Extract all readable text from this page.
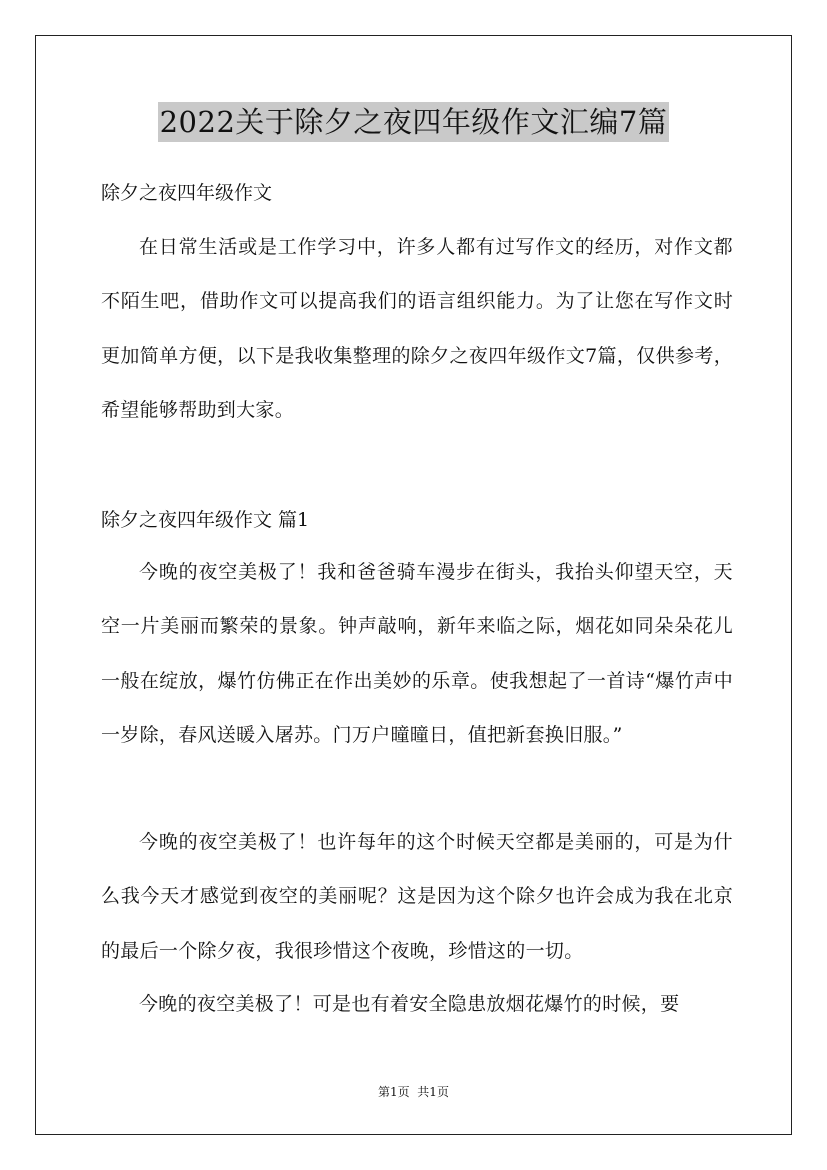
2022关于除夕之夜四年级作文汇编7篇
除夕之夜四年级作文
在日常生活或是工作学习中，许多人都有过写作文的经历，对作文都不陌生吧，借助作文可以提高我们的语言组织能力。为了让您在写作文时更加简单方便，以下是我收集整理的除夕之夜四年级作文7篇，仅供参考，希望能够帮助到大家。
除夕之夜四年级作文 篇1
今晚的夜空美极了！我和爸爸骑车漫步在街头，我抬头仰望天空，天空一片美丽而繁荣的景象。钟声敲响，新年来临之际，烟花如同朵朵花儿一般在绽放，爆竹仿佛正在作出美妙的乐章。使我想起了一首诗“爆竹声中一岁除，春风送暖入屠苏。门万户曈曈日，值把新套换旧服。”
今晚的夜空美极了！也许每年的这个时候天空都是美丽的，可是为什么我今天才感觉到夜空的美丽呢？这是因为这个除夕也许会成为我在北京的最后一个除夕夜，我很珍惜这个夜晚，珍惜这的一切。
今晚的夜空美极了！可是也有着安全隐患放烟花爆竹的时候，要
第1页  共1页
